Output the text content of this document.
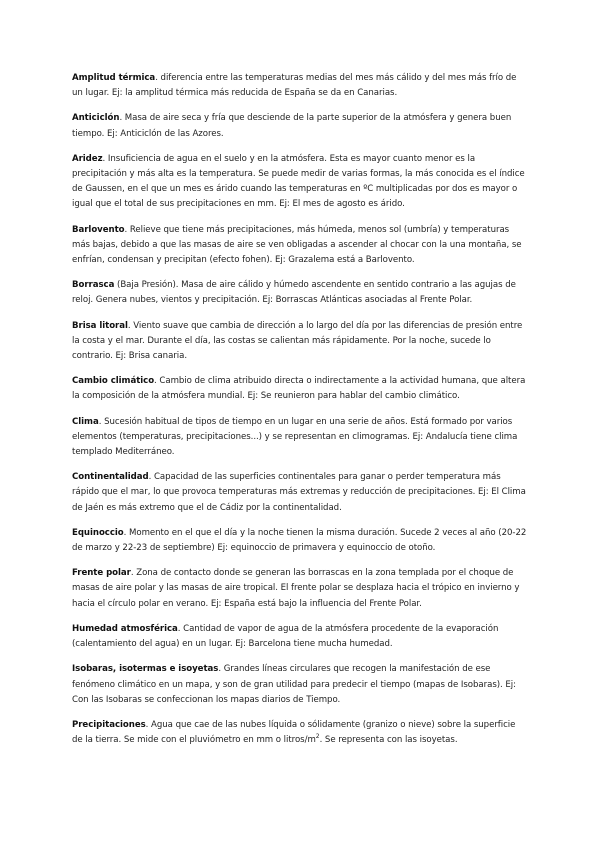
Amplitud térmica. diferencia entre las temperaturas medias del mes más cálido y del mes más frío de un lugar. Ej: la amplitud térmica más reducida de España se da en Canarias.

Anticiclón. Masa de aire seca y fría que desciende de la parte superior de la atmósfera y genera buen tiempo. Ej: Anticiclón de las Azores.

Aridez. Insuficiencia de agua en el suelo y en la atmósfera. Esta es mayor cuanto menor es la precipitación y más alta es la temperatura. Se puede medir de varias formas, la más conocida es el índice de Gaussen, en el que un mes es árido cuando las temperaturas en ºC multiplicadas por dos es mayor o igual que el total de sus precipitaciones en mm. Ej: El mes de agosto es árido.

Barlovento. Relieve que tiene más precipitaciones, más húmeda, menos sol (umbría) y temperaturas más bajas, debido a que las masas de aire se ven obligadas a ascender al chocar con la una montaña, se enfrían, condensan y precipitan (efecto fohen). Ej: Grazalema está a Barlovento.

Borrasca (Baja Presión). Masa de aire cálido y húmedo ascendente en sentido contrario a las agujas de reloj. Genera nubes, vientos y precipitación. Ej: Borrascas Atlánticas asociadas al Frente Polar.

Brisa litoral. Viento suave que cambia de dirección a lo largo del día por las diferencias de presión entre la costa y el mar. Durante el día, las costas se calientan más rápidamente. Por la noche, sucede lo contrario. Ej: Brisa canaria.

Cambio climático. Cambio de clima atribuido directa o indirectamente a la actividad humana, que altera la composición de la atmósfera mundial. Ej: Se reunieron para hablar del cambio climático.

Clima. Sucesión habitual de tipos de tiempo en un lugar en una serie de años. Está formado por varios elementos (temperaturas, precipitaciones...) y se representan en climogramas. Ej: Andalucía tiene clima templado Mediterráneo.

Continentalidad. Capacidad de las superficies continentales para ganar o perder temperatura más rápido que el mar, lo que provoca temperaturas más extremas y reducción de precipitaciones. Ej: El Clima de Jaén es más extremo que el de Cádiz por la continentalidad.

Equinoccio. Momento en el que el día y la noche tienen la misma duración. Sucede 2 veces al año (20-22 de marzo y 22-23 de septiembre) Ej: equinoccio de primavera y equinoccio de otoño.

Frente polar. Zona de contacto donde se generan las borrascas en la zona templada por el choque de masas de aire polar y las masas de aire tropical. El frente polar se desplaza hacia el trópico en invierno y hacia el círculo polar en verano. Ej: España está bajo la influencia del Frente Polar.

Humedad atmosférica. Cantidad de vapor de agua de la atmósfera procedente de la evaporación (calentamiento del agua) en un lugar. Ej: Barcelona tiene mucha humedad.

Isobaras, isotermas e isoyetas. Grandes líneas circulares que recogen la manifestación de ese fenómeno climático en un mapa, y son de gran utilidad para predecir el tiempo (mapas de Isobaras). Ej: Con las Isobaras se confeccionan los mapas diarios de Tiempo.

Precipitaciones. Agua que cae de las nubes líquida o sólidamente (granizo o nieve) sobre la superficie de la tierra. Se mide con el pluviómetro en mm o litros/$m^2$. Se representa con las isoyetas.
